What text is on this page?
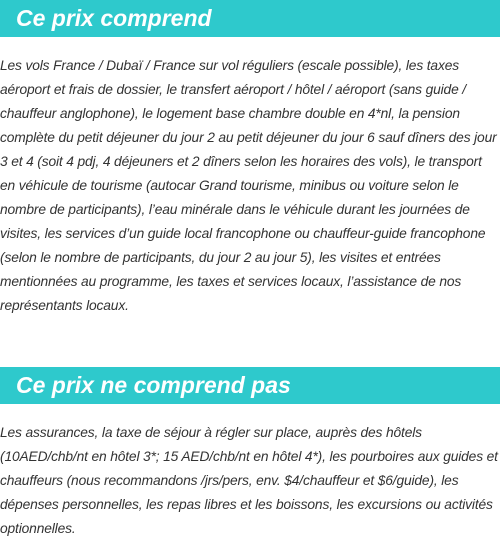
Ce prix comprend

Les vols France / Dubaï / France sur vol réguliers (escale possible), les taxes aéroport et frais de dossier, le transfert aéroport / hôtel / aéroport (sans guide / chauffeur anglophone), le logement base chambre double en 4*nl, la pension complète du petit déjeuner du jour 2 au petit déjeuner du jour 6 sauf dîners des jour 3 et 4 (soit 4 pdj, 4 déjeuners et 2 dîners selon les horaires des vols), le transport en véhicule de tourisme (autocar Grand tourisme, minibus ou voiture selon le nombre de participants), l’eau minérale dans le véhicule durant les journées de visites, les services d’un guide local francophone ou chauffeur-guide francophone (selon le nombre de participants, du jour 2 au jour 5), les visites et entrées mentionnées au programme, les taxes et services locaux, l’assistance de nos représentants locaux.

Ce prix ne comprend pas

Les assurances, la taxe de séjour à régler sur place, auprès des hôtels (10AED/chb/nt en hôtel 3*; 15 AED/chb/nt en hôtel 4*), les pourboires aux guides et chauffeurs (nous recommandons /jrs/pers, env. $4/chauffeur et $6/guide), les dépenses personnelles, les repas libres et les boissons, les excursions ou activités optionnelles.
